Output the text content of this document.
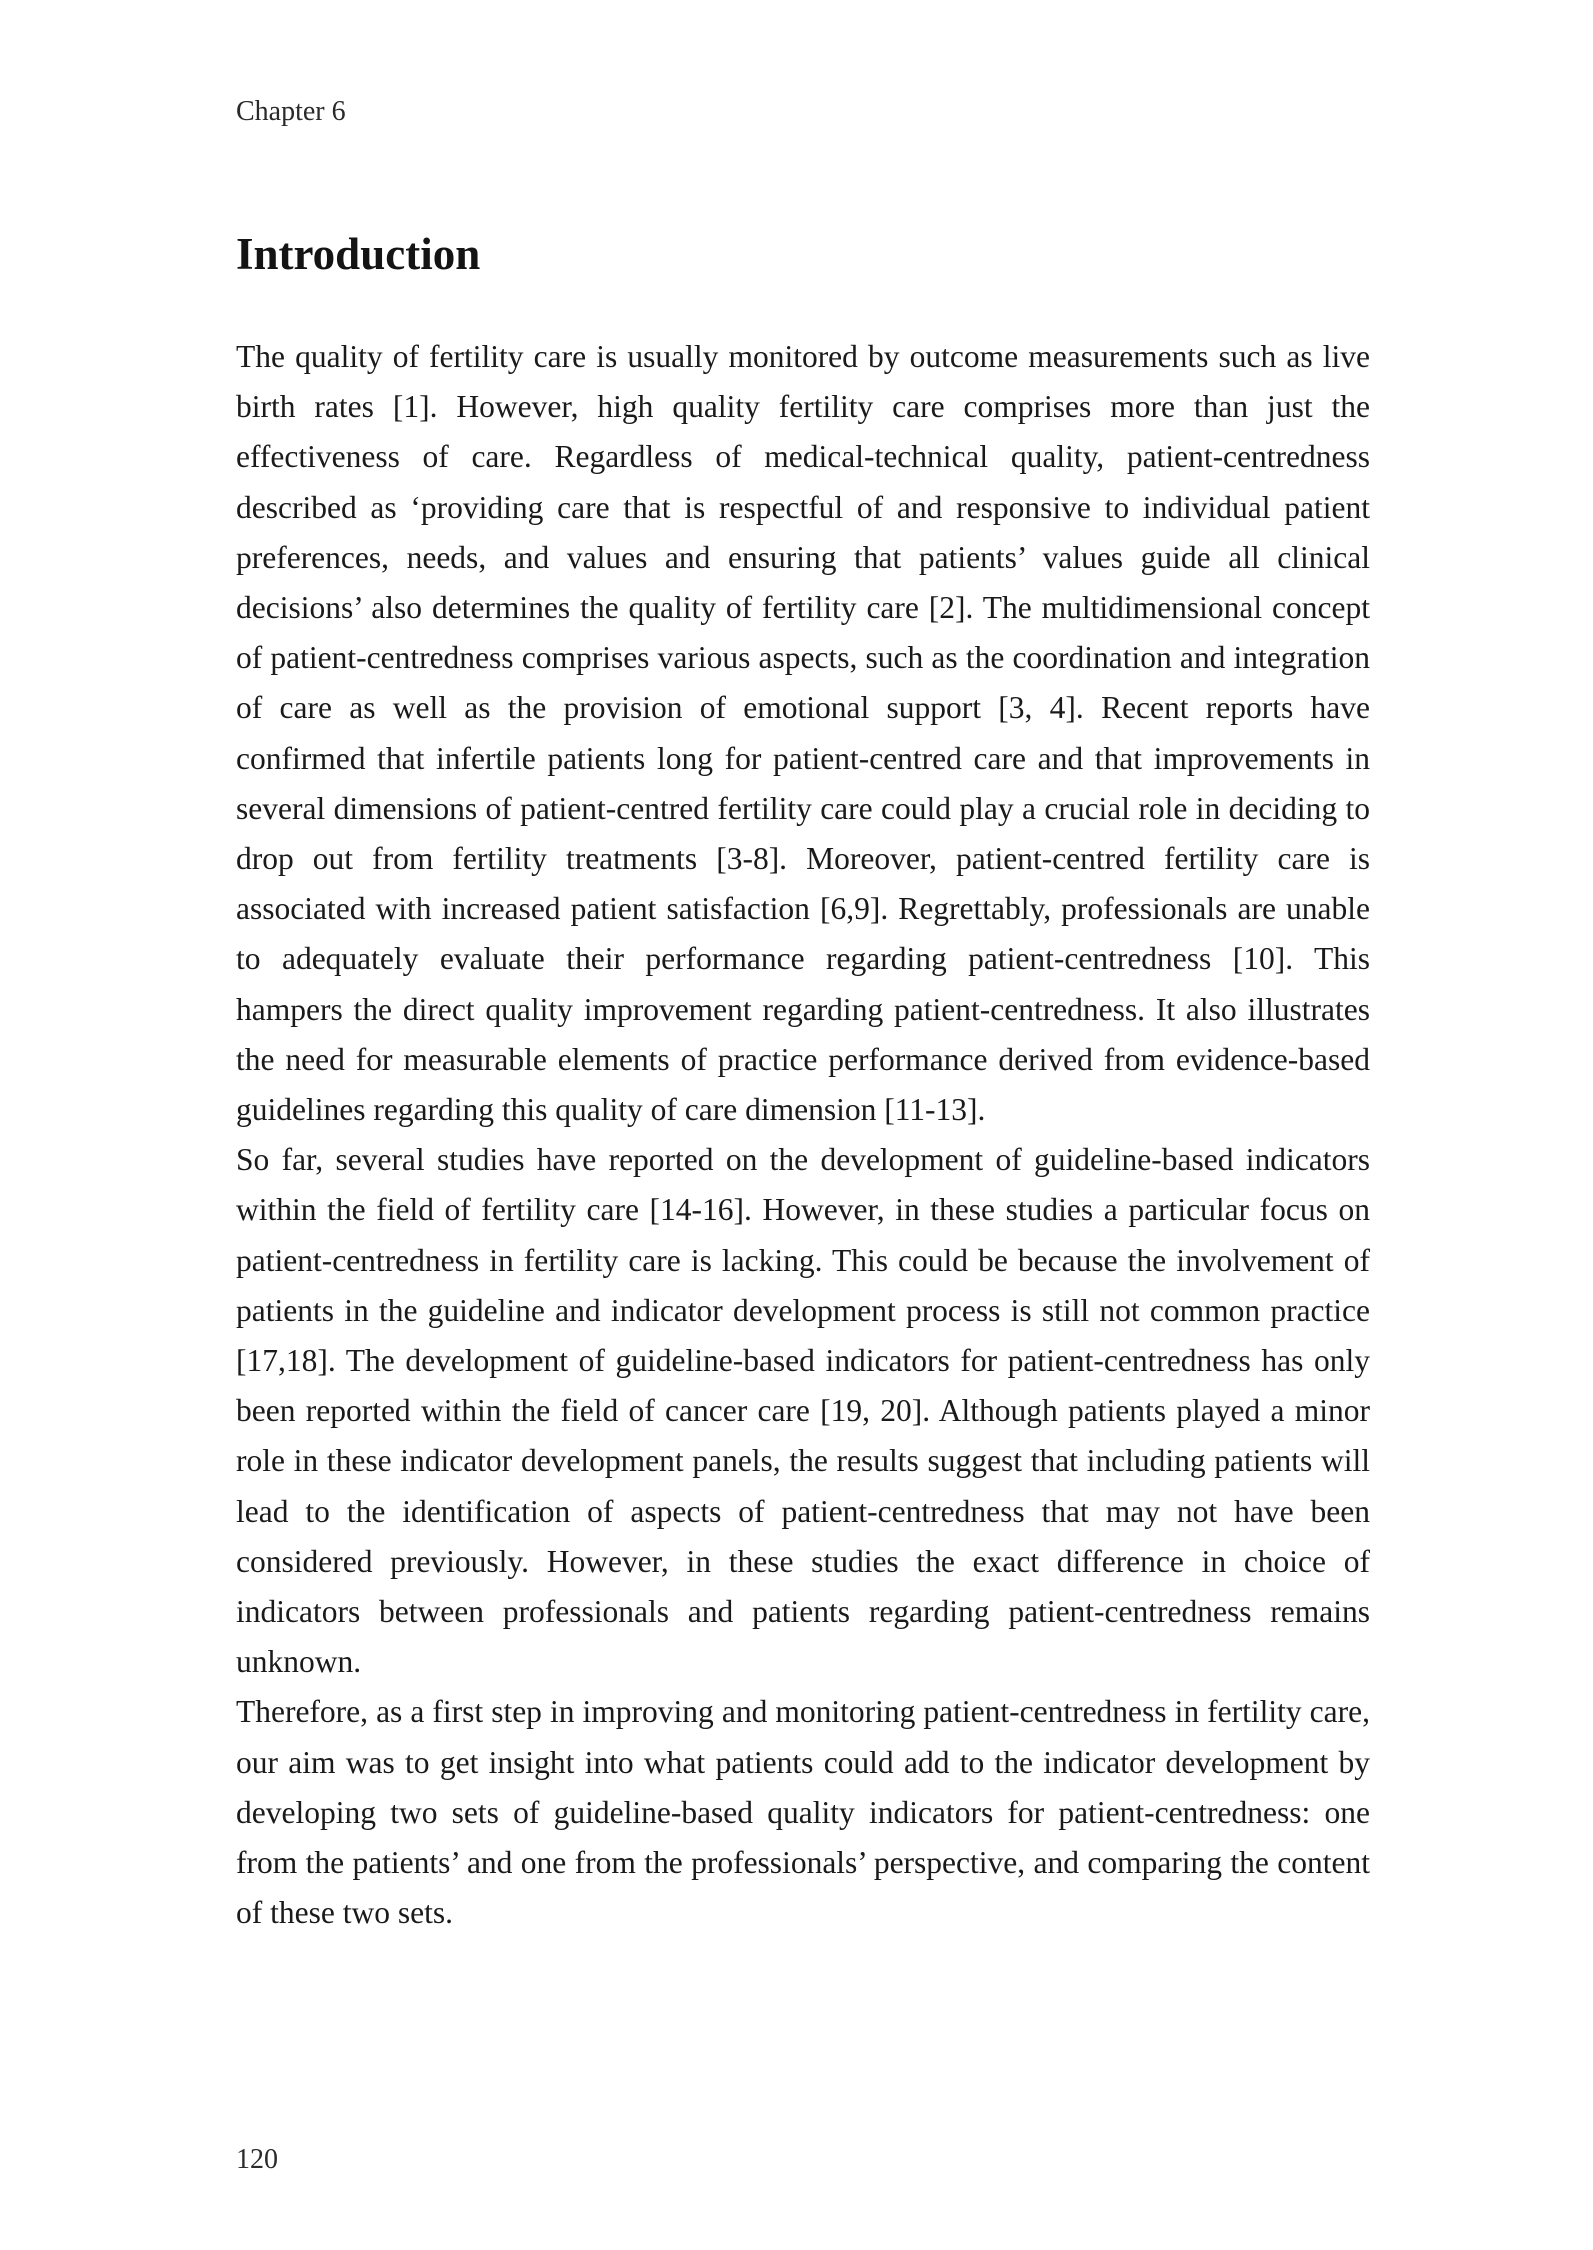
Chapter 6
Introduction

The quality of fertility care is usually monitored by outcome measurements such as live birth rates [1]. However, high quality fertility care comprises more than just the effectiveness of care. Regardless of medical-technical quality, patient-centredness described as ‘providing care that is respectful of and responsive to individual patient preferences, needs, and values and ensuring that patients’ values guide all clinical decisions’ also determines the quality of fertility care [2]. The multidimensional concept of patient-centredness comprises various aspects, such as the coordination and integration of care as well as the provision of emotional support [3, 4]. Recent reports have confirmed that infertile patients long for patient-centred care and that improvements in several dimensions of patient-centred fertility care could play a crucial role in deciding to drop out from fertility treatments [3-8]. Moreover, patient-centred fertility care is associated with increased patient satisfaction [6,9]. Regrettably, professionals are unable to adequately evaluate their performance regarding patient-centredness [10]. This hampers the direct quality improvement regarding patient-centredness. It also illustrates the need for measurable elements of practice performance derived from evidence-based guidelines regarding this quality of care dimension [11-13].

So far, several studies have reported on the development of guideline-based indicators within the field of fertility care [14-16]. However, in these studies a particular focus on patient-centredness in fertility care is lacking. This could be because the involvement of patients in the guideline and indicator development process is still not common practice [17,18]. The development of guideline-based indicators for patient-centredness has only been reported within the field of cancer care [19, 20]. Although patients played a minor role in these indicator development panels, the results suggest that including patients will lead to the identification of aspects of patient-centredness that may not have been considered previously. However, in these studies the exact difference in choice of indicators between professionals and patients regarding patient-centredness remains unknown.

Therefore, as a first step in improving and monitoring patient-centredness in fertility care, our aim was to get insight into what patients could add to the indicator development by developing two sets of guideline-based quality indicators for patient-centredness: one from the patients’ and one from the professionals’ perspective, and comparing the content of these two sets.

120
